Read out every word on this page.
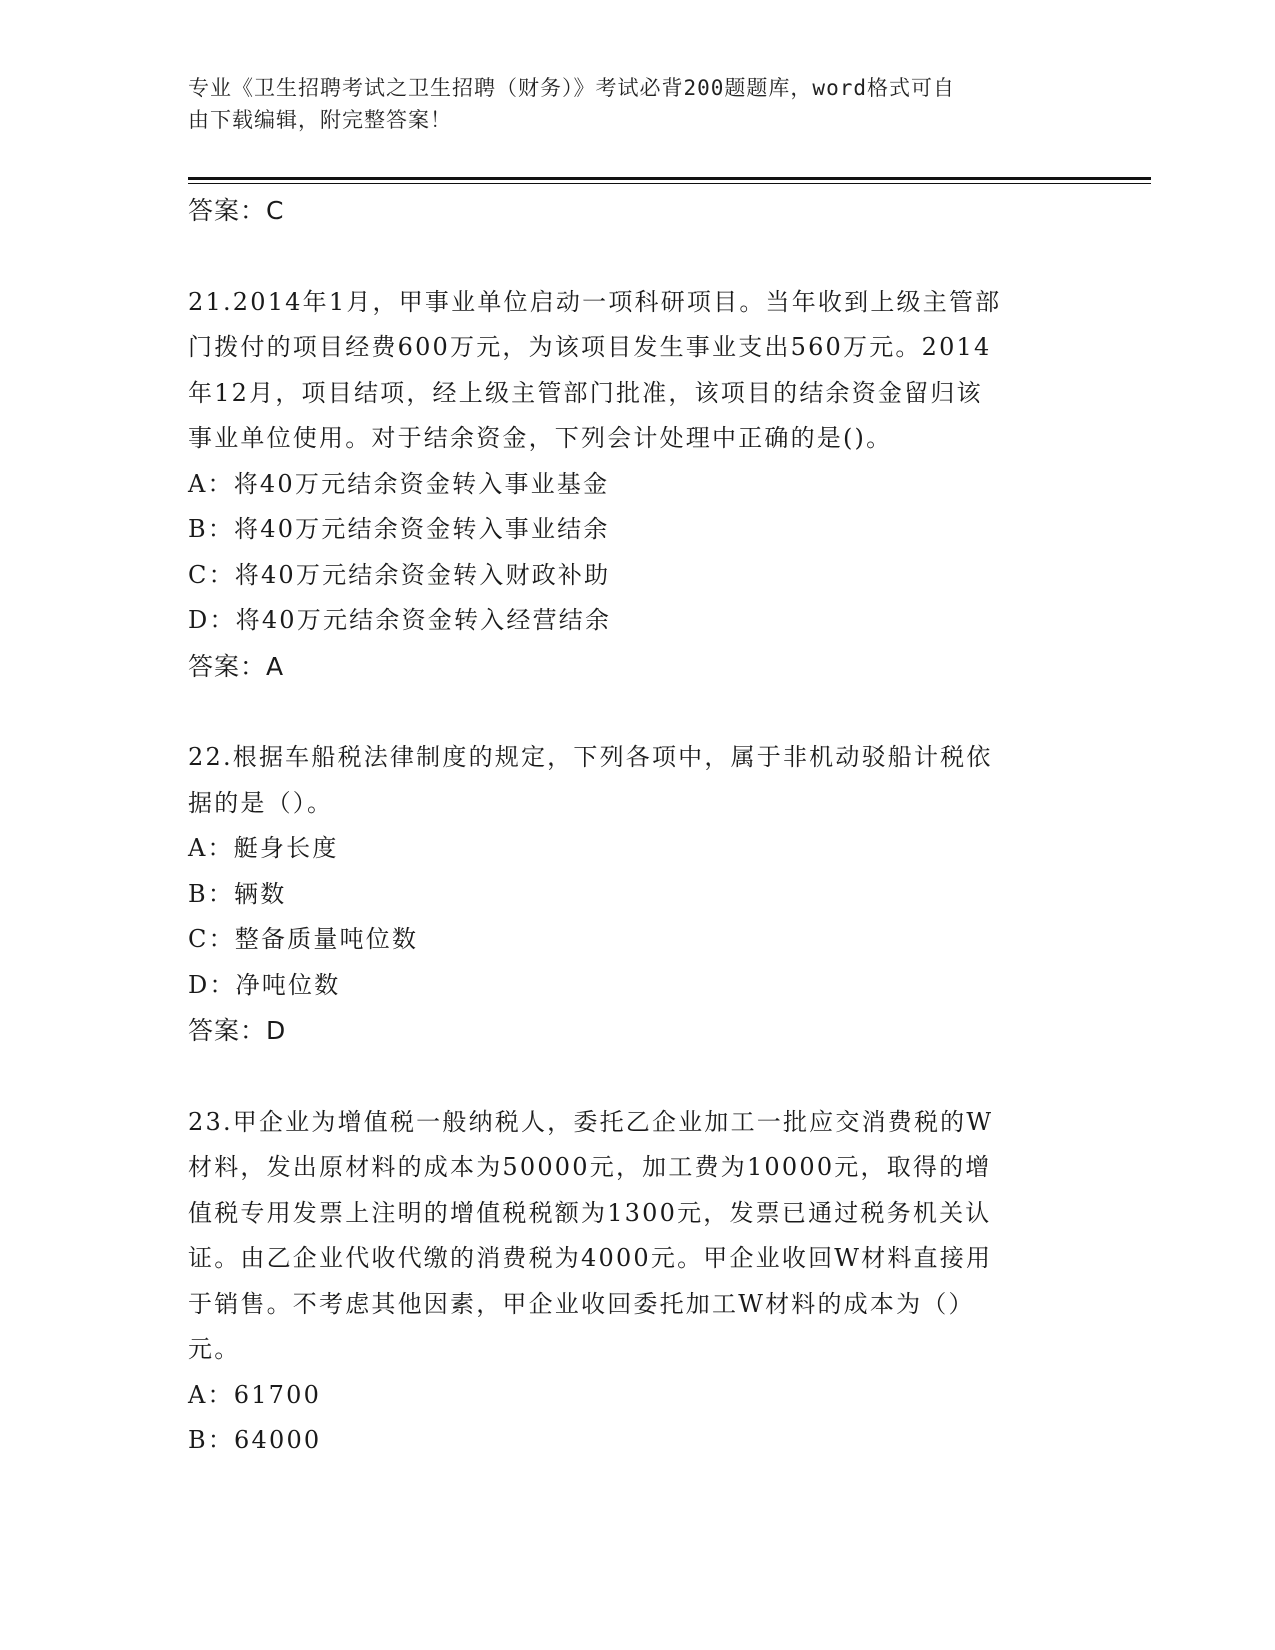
专业《卫生招聘考试之卫生招聘（财务）》考试必背200题题库，word格式可自
由下载编辑，附完整答案！
答案：C
21.2014年1月，甲事业单位启动一项科研项目。当年收到上级主管部
门拨付的项目经费600万元，为该项目发生事业支出560万元。2014
年12月，项目结项，经上级主管部门批准，该项目的结余资金留归该
事业单位使用。对于结余资金，下列会计处理中正确的是()。
A：将40万元结余资金转入事业基金
B：将40万元结余资金转入事业结余
C：将40万元结余资金转入财政补助
D：将40万元结余资金转入经营结余
答案：A
22.根据车船税法律制度的规定，下列各项中，属于非机动驳船计税依
据的是（）。
A：艇身长度
B：辆数
C：整备质量吨位数
D：净吨位数
答案：D
23.甲企业为增值税一般纳税人，委托乙企业加工一批应交消费税的W
材料，发出原材料的成本为50000元，加工费为10000元，取得的增
值税专用发票上注明的增值税税额为1300元，发票已通过税务机关认
证。由乙企业代收代缴的消费税为4000元。甲企业收回W材料直接用
于销售。不考虑其他因素，甲企业收回委托加工W材料的成本为（）
元。
A：61700
B：64000
